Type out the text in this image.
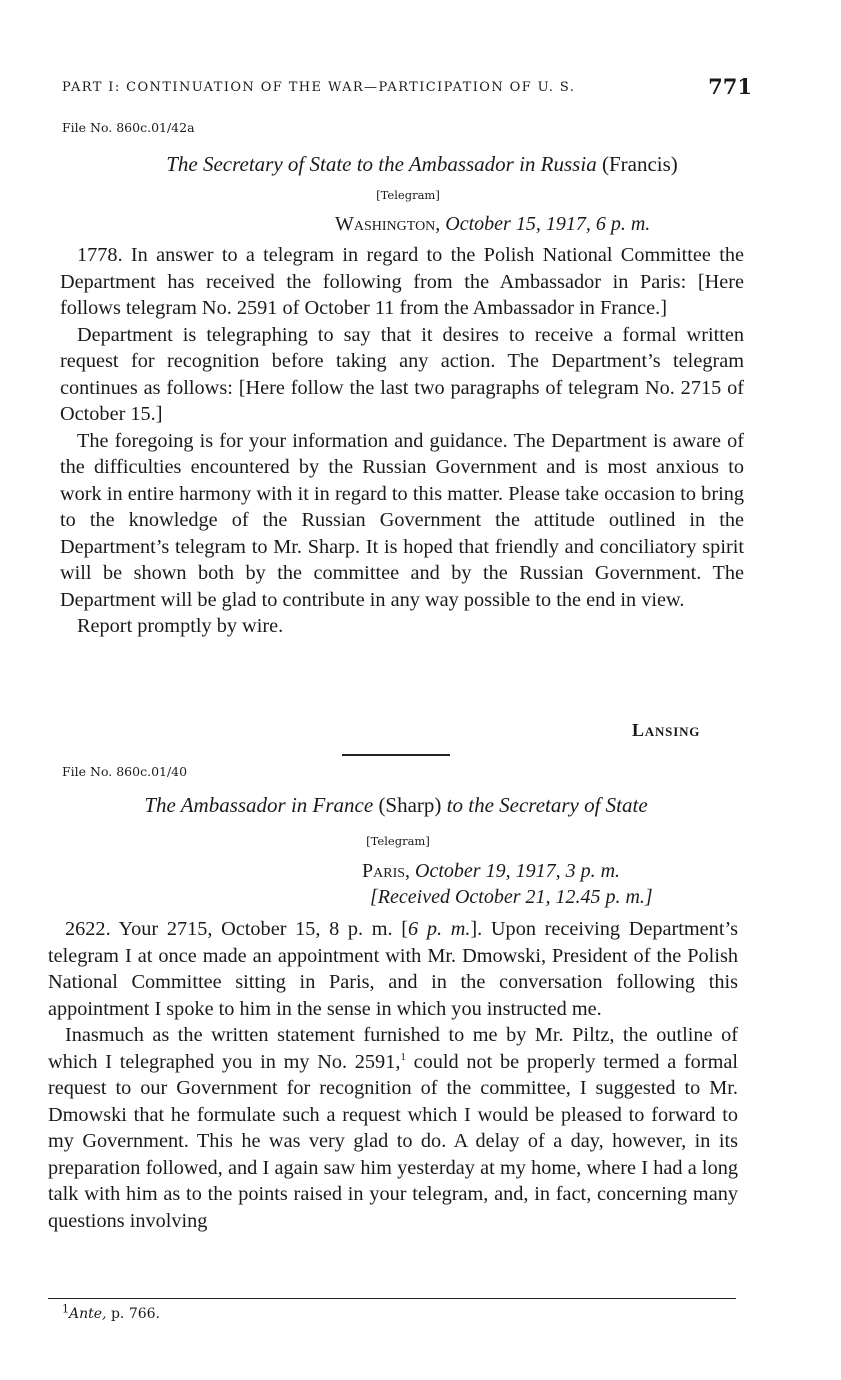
PART I: CONTINUATION OF THE WAR—PARTICIPATION OF U. S.	771
File No. 860c.01/42a
The Secretary of State to the Ambassador in Russia (Francis)
[Telegram]
Washington, October 15, 1917, 6 p. m.
1778. In answer to a telegram in regard to the Polish National Committee the Department has received the following from the Ambassador in Paris: [Here follows telegram No. 2591 of October 11 from the Ambassador in France.]
Department is telegraphing to say that it desires to receive a formal written request for recognition before taking any action. The Department’s telegram continues as follows: [Here follow the last two paragraphs of telegram No. 2715 of October 15.]
The foregoing is for your information and guidance. The Department is aware of the difficulties encountered by the Russian Government and is most anxious to work in entire harmony with it in regard to this matter. Please take occasion to bring to the knowledge of the Russian Government the attitude outlined in the Department’s telegram to Mr. Sharp. It is hoped that friendly and conciliatory spirit will be shown both by the committee and by the Russian Government. The Department will be glad to contribute in any way possible to the end in view.
Report promptly by wire.
Lansing
File No. 860c.01/40
The Ambassador in France (Sharp) to the Secretary of State
[Telegram]
Paris, October 19, 1917, 3 p. m.
[Received October 21, 12.45 p. m.]
2622. Your 2715, October 15, 8 p. m. [6 p. m.]. Upon receiving Department’s telegram I at once made an appointment with Mr. Dmowski, President of the Polish National Committee sitting in Paris, and in the conversation following this appointment I spoke to him in the sense in which you instructed me.
Inasmuch as the written statement furnished to me by Mr. Piltz, the outline of which I telegraphed you in my No. 2591,$^1$ could not be properly termed a formal request to our Government for recognition of the committee, I suggested to Mr. Dmowski that he formulate such a request which I would be pleased to forward to my Government. This he was very glad to do. A delay of a day, however, in its preparation followed, and I again saw him yesterday at my home, where I had a long talk with him as to the points raised in your telegram, and, in fact, concerning many questions involving
$^1$Ante, p. 766.
